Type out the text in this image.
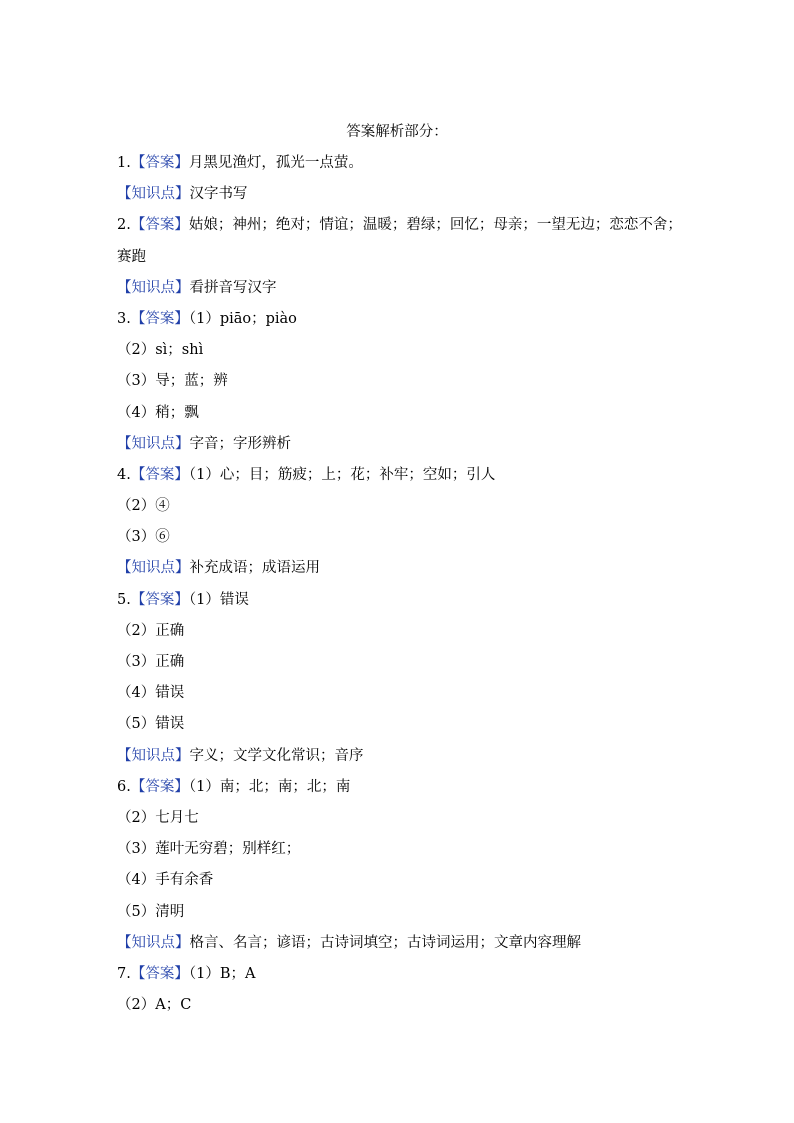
答案解析部分：
1.【答案】月黑见渔灯，孤光一点萤。
【知识点】汉字书写
2.【答案】姑娘；神州；绝对；情谊；温暖；碧绿；回忆；母亲；一望无边；恋恋不舍；
赛跑
【知识点】看拼音写汉字
3.【答案】（1）piāo；piào
（2）sì；shì
（3）导；蓝；辨
（4）稍；飘
【知识点】字音；字形辨析
4.【答案】（1）心；目；筋疲；上；花；补牢；空如；引人
（2）④
（3）⑥
【知识点】补充成语；成语运用
5.【答案】（1）错误
（2）正确
（3）正确
（4）错误
（5）错误
【知识点】字义；文学文化常识；音序
6.【答案】（1）南；北；南；北；南
（2）七月七
（3）莲叶无穷碧；别样红；
（4）手有余香
（5）清明
【知识点】格言、名言；谚语；古诗词填空；古诗词运用；文章内容理解
7.【答案】（1）B；A
（2）A；C
